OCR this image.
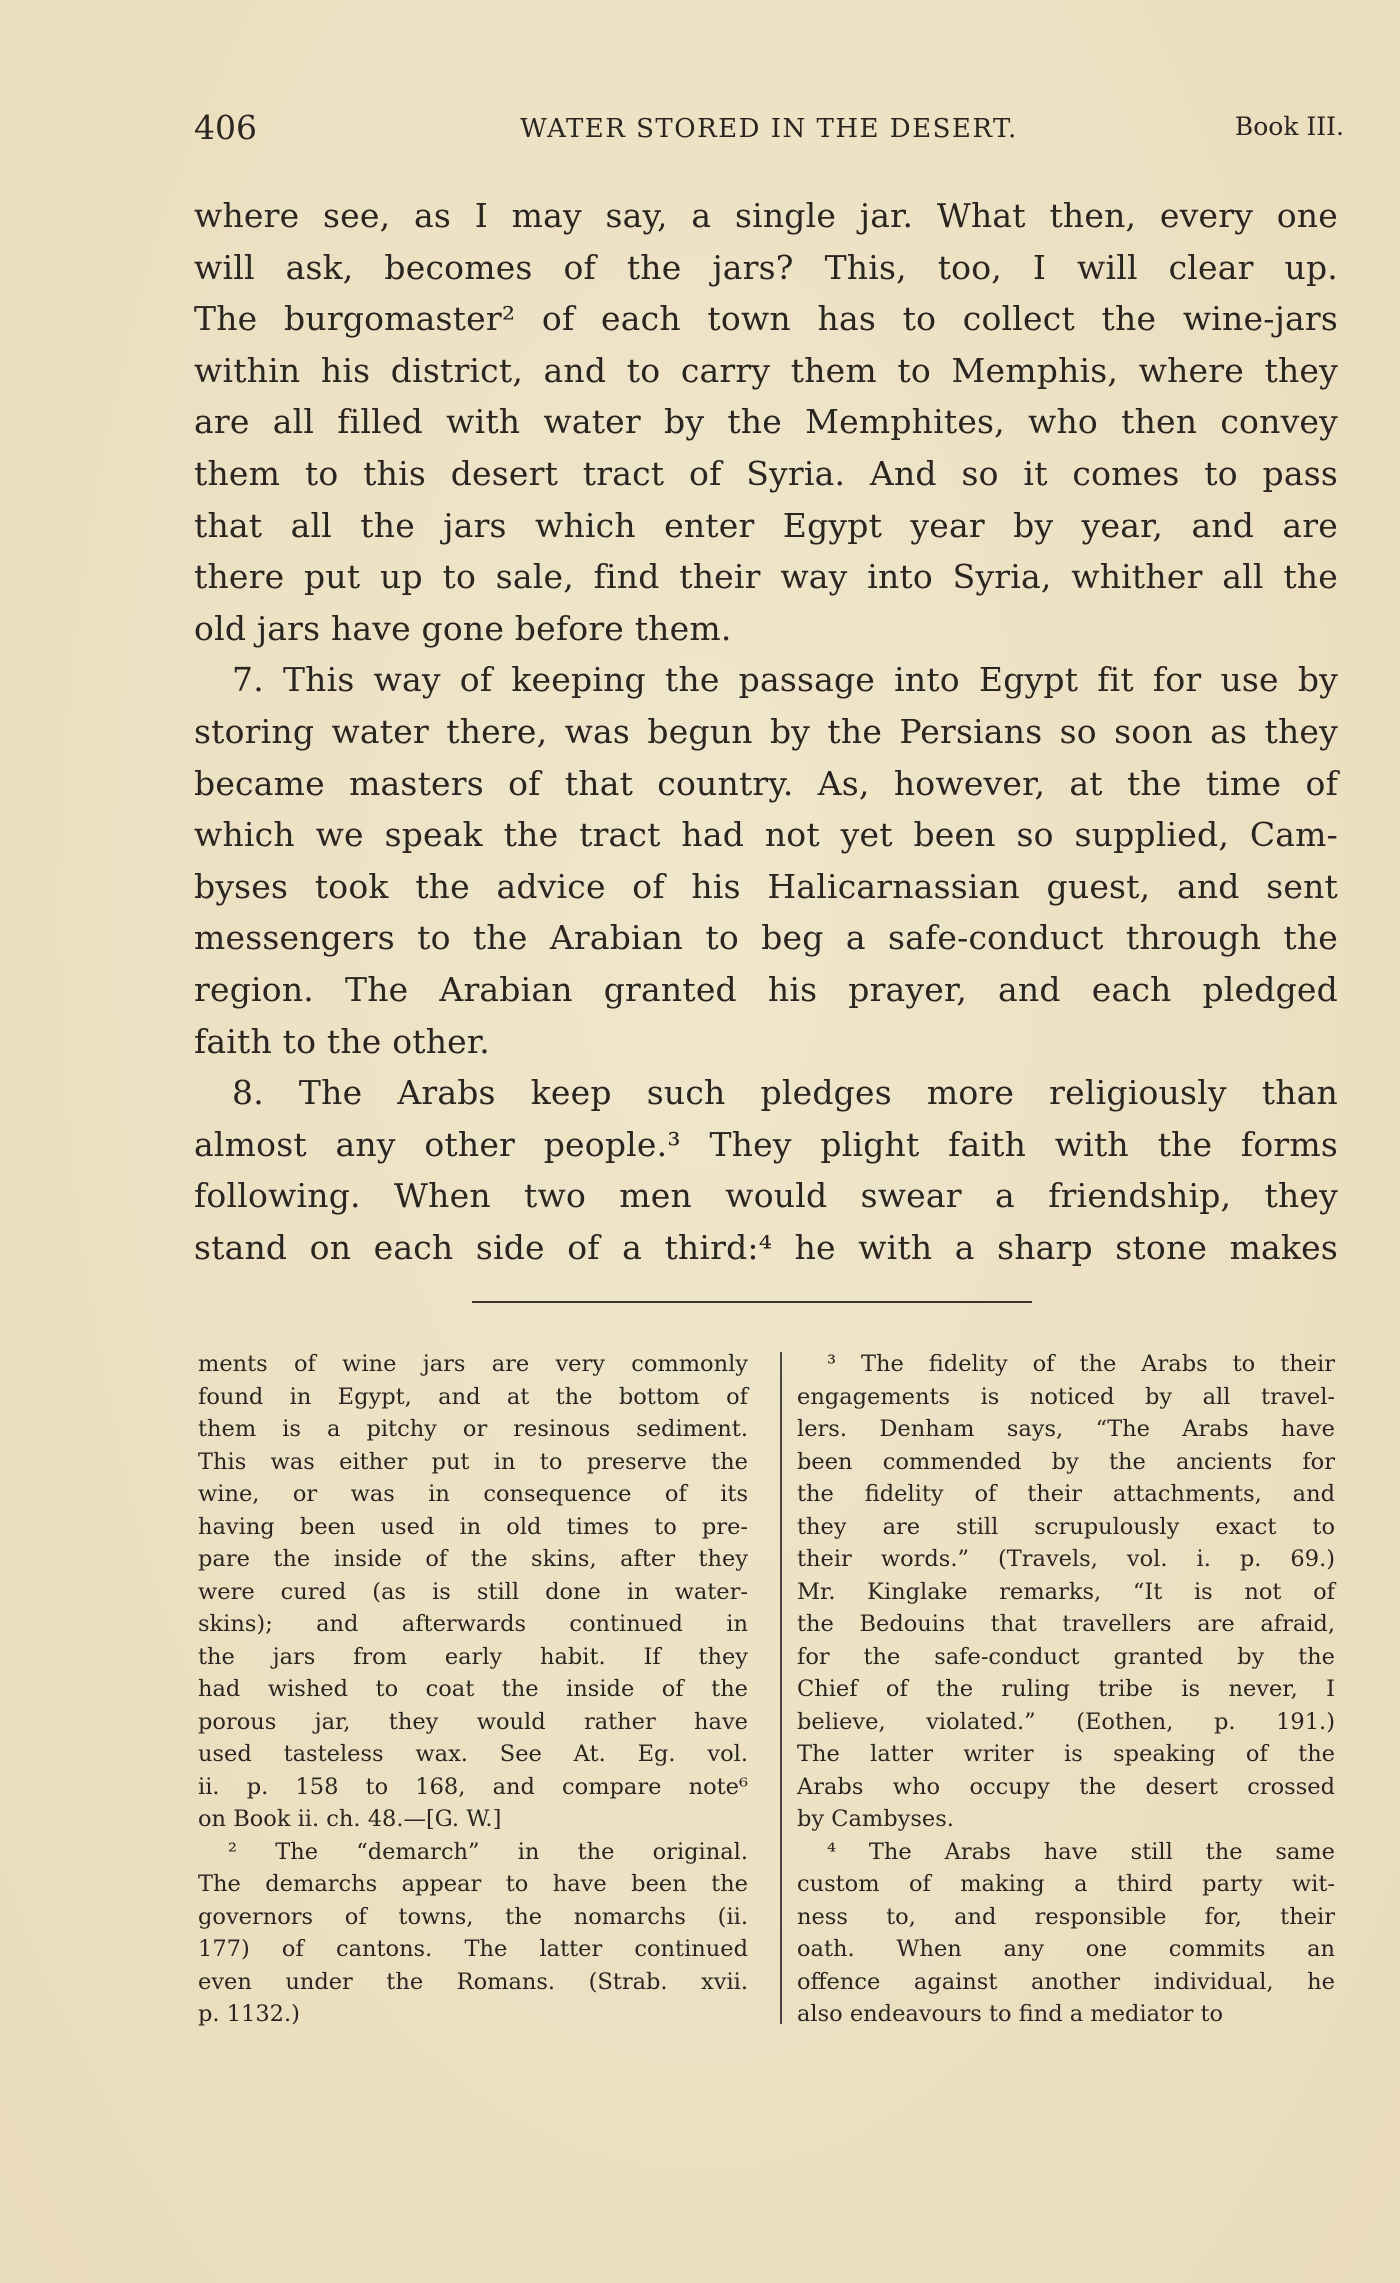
406	WATER STORED IN THE DESERT.	Book III.
where see, as I may say, a single jar. What then, every one
will ask, becomes of the jars? This, too, I will clear up.
The burgomaster² of each town has to collect the wine-jars
within his district, and to carry them to Memphis, where they
are all filled with water by the Memphites, who then convey
them to this desert tract of Syria. And so it comes to pass
that all the jars which enter Egypt year by year, and are
there put up to sale, find their way into Syria, whither all the
old jars have gone before them.
7. This way of keeping the passage into Egypt fit for use by
storing water there, was begun by the Persians so soon as they
became masters of that country. As, however, at the time of
which we speak the tract had not yet been so supplied, Cam-
byses took the advice of his Halicarnassian guest, and sent
messengers to the Arabian to beg a safe-conduct through the
region. The Arabian granted his prayer, and each pledged
faith to the other.
8. The Arabs keep such pledges more religiously than
almost any other people.³ They plight faith with the forms
following. When two men would swear a friendship, they
stand on each side of a third:⁴ he with a sharp stone makes
ments of wine jars are very commonly
found in Egypt, and at the bottom of
them is a pitchy or resinous sediment.
This was either put in to preserve the
wine, or was in consequence of its
having been used in old times to pre-
pare the inside of the skins, after they
were cured (as is still done in water-
skins); and afterwards continued in
the jars from early habit. If they
had wished to coat the inside of the
porous jar, they would rather have
used tasteless wax. See At. Eg. vol.
ii. p. 158 to 168, and compare note⁶
on Book ii. ch. 48.—[G. W.]
² The “demarch” in the original.
The demarchs appear to have been the
governors of towns, the nomarchs (ii.
177) of cantons. The latter continued
even under the Romans. (Strab. xvii.
p. 1132.)
³ The fidelity of the Arabs to their
engagements is noticed by all travel-
lers. Denham says, “The Arabs have
been commended by the ancients for
the fidelity of their attachments, and
they are still scrupulously exact to
their words.” (Travels, vol. i. p. 69.)
Mr. Kinglake remarks, “It is not of
the Bedouins that travellers are afraid,
for the safe-conduct granted by the
Chief of the ruling tribe is never, I
believe, violated.” (Eothen, p. 191.)
The latter writer is speaking of the
Arabs who occupy the desert crossed
by Cambyses.
⁴ The Arabs have still the same
custom of making a third party wit-
ness to, and responsible for, their
oath. When any one commits an
offence against another individual, he
also endeavours to find a mediator to
